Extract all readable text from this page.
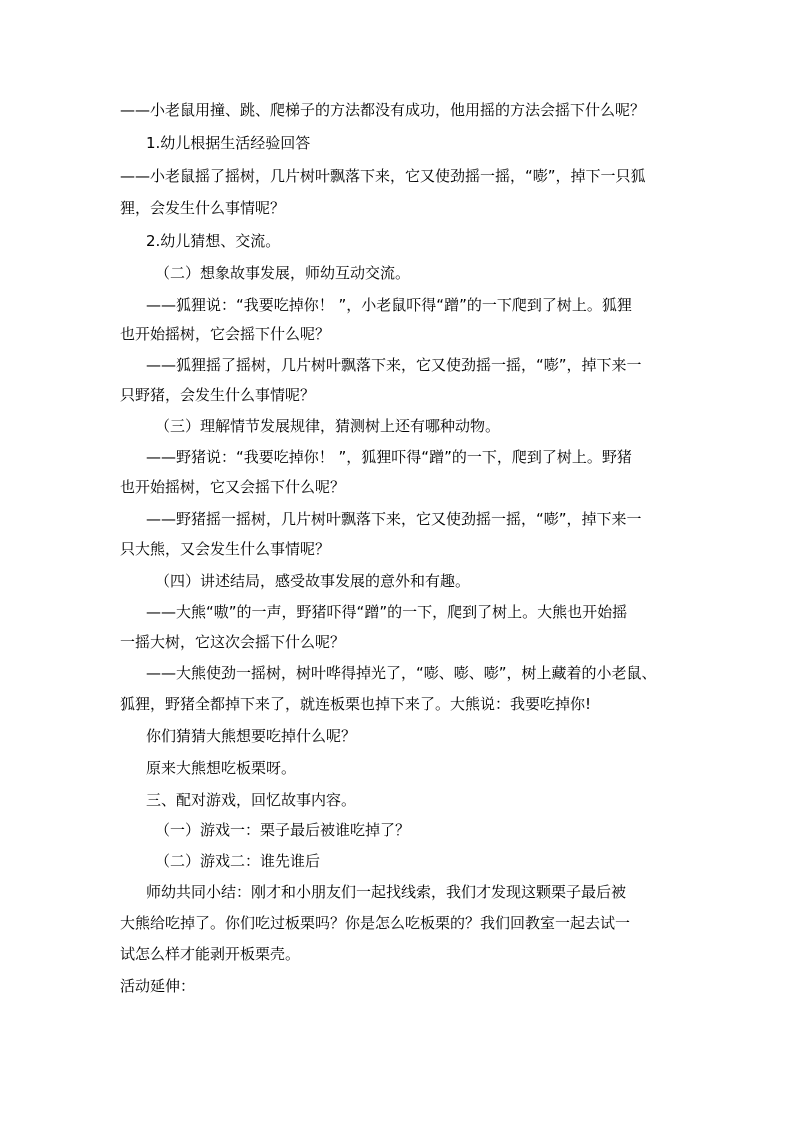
——小老鼠用撞、跳、爬梯子的方法都没有成功，他用摇的方法会摇下什么呢？
1.幼儿根据生活经验回答
——小老鼠摇了摇树，几片树叶飘落下来，它又使劲摇一摇，“嘭”，掉下一只狐
狸，会发生什么事情呢？
2.幼儿猜想、交流。
（二）想象故事发展，师幼互动交流。
——狐狸说：“我要吃掉你！ ”，小老鼠吓得“蹭”的一下爬到了树上。狐狸
也开始摇树，它会摇下什么呢？
——狐狸摇了摇树，几片树叶飘落下来，它又使劲摇一摇，“嘭”，掉下来一
只野猪，会发生什么事情呢？
（三）理解情节发展规律，猜测树上还有哪种动物。
——野猪说：“我要吃掉你！ ”，狐狸吓得“蹭”的一下，爬到了树上。野猪
也开始摇树，它又会摇下什么呢？
——野猪摇一摇树，几片树叶飘落下来，它又使劲摇一摇，“嘭”，掉下来一
只大熊，又会发生什么事情呢？
（四）讲述结局，感受故事发展的意外和有趣。
——大熊“嗷”的一声，野猪吓得“蹭”的一下，爬到了树上。大熊也开始摇
一摇大树，它这次会摇下什么呢？
——大熊使劲一摇树，树叶哗得掉光了，“嘭、嘭、嘭”，树上藏着的小老鼠、
狐狸，野猪全都掉下来了，就连板栗也掉下来了。大熊说：我要吃掉你!
你们猜猜大熊想要吃掉什么呢？
原来大熊想吃板栗呀。
三、配对游戏，回忆故事内容。
（一）游戏一：栗子最后被谁吃掉了？
（二）游戏二：谁先谁后
师幼共同小结：刚才和小朋友们一起找线索，我们才发现这颗栗子最后被
大熊给吃掉了。你们吃过板栗吗？你是怎么吃板栗的？我们回教室一起去试一
试怎么样才能剥开板栗壳。
活动延伸：
